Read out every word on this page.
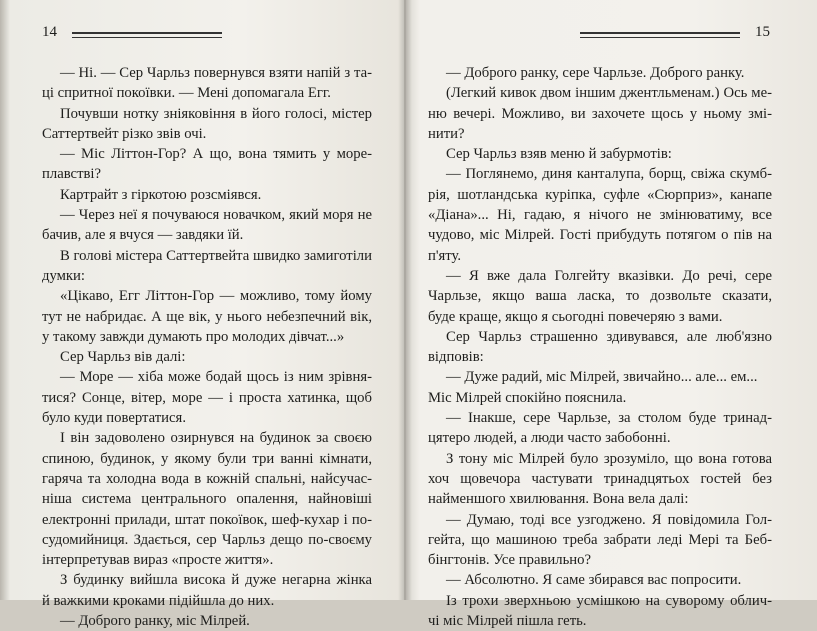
14

— Ні. — Сер Чарльз повернувся взяти напій з та-

ці спритної покоївки. — Мені допомагала Егг.

Почувши нотку зніяковіння в його голосі, містер

Саттертвейт різко звів очі.

— Міс Літтон-Гор? А що, вона тямить у море-

плавстві?

Картрайт з гіркотою розсміявся.

— Через неї я почуваюся новачком, який моря не

бачив, але я вчуся — завдяки їй.

В голові містера Саттертвейта швидко замиготіли

думки:

«Цікаво, Егг Літтон-Гор — можливо, тому йому

тут не набридає. А ще вік, у нього небезпечний вік,

у такому завжди думають про молодих дівчат...»

Сер Чарльз вів далі:

— Море — хіба може бодай щось із ним зрівня-

тися? Сонце, вітер, море — і проста хатинка, щоб

було куди повертатися.

І він задоволено озирнувся на будинок за своєю

спиною, будинок, у якому були три ванні кімнати,

гаряча та холодна вода в кожній спальні, найсучас-

ніша система центрального опалення, найновіші

електронні прилади, штат покоївок, шеф-кухар і по-

судомийниця. Здається, сер Чарльз дещо по-своєму

інтерпретував вираз «просте життя».

З будинку вийшла висока й дуже негарна жінка

й важкими кроками підійшла до них.

— Доброго ранку, міс Мілрей.

15

— Доброго ранку, сере Чарльзе. Доброго ранку.

(Легкий кивок двом іншим джентльменам.) Ось ме-

ню вечері. Можливо, ви захочете щось у ньому змі-

нити?

Сер Чарльз взяв меню й забурмотів:

— Поглянемо, диня канталупа, борщ, свіжа скумб-

рія, шотландська куріпка, суфле «Сюрприз», канапе

«Діана»... Ні, гадаю, я нічого не змінюватиму, все

чудово, міс Мілрей. Гості прибудуть потягом о пів на

п'яту.

— Я вже дала Голгейту вказівки. До речі, сере

Чарльзе, якщо ваша ласка, то дозвольте сказати,

буде краще, якщо я сьогодні повечеряю з вами.

Сер Чарльз страшенно здивувався, але люб'язно

відповів:

— Дуже радий, міс Мілрей, звичайно... але... ем...

Міс Мілрей спокійно пояснила.

— Інакше, сере Чарльзе, за столом буде тринад-

цятеро людей, а люди часто забобонні.

З тону міс Мілрей було зрозуміло, що вона готова

хоч щовечора частувати тринадцятьох гостей без

найменшого хвилювання. Вона вела далі:

— Думаю, тоді все узгоджено. Я повідомила Гол-

гейта, що машиною треба забрати леді Мері та Беб-

бінгтонів. Усе правильно?

— Абсолютно. Я саме збирався вас попросити.

Із трохи зверхньою усмішкою на суворому облич-

чі міс Мілрей пішла геть.
